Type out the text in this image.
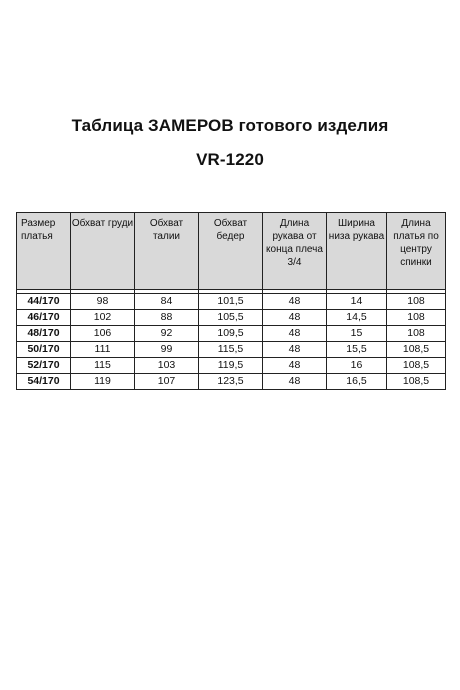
Таблица ЗАМЕРОВ готового изделия
VR-1220
Размер платья	Обхват груди	Обхват талии	Обхват бедер	Длина рукава от конца плеча 3/4	Ширина низа рукава	Длина платья по центру спинки

44/170	98	84	101,5	48	14	108
46/170	102	88	105,5	48	14,5	108
48/170	106	92	109,5	48	15	108
50/170	111	99	115,5	48	15,5	108,5
52/170	115	103	119,5	48	16	108,5
54/170	119	107	123,5	48	16,5	108,5
